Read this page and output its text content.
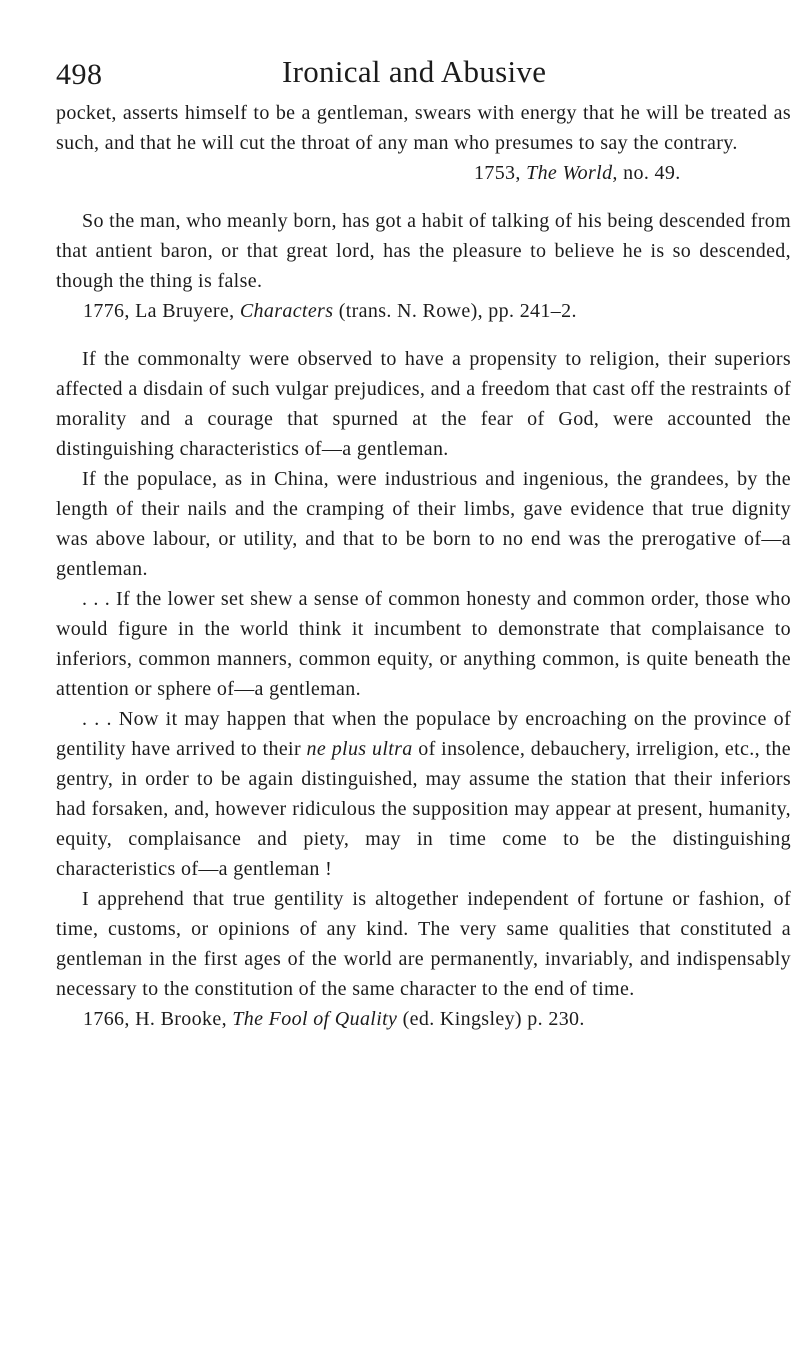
498	Ironical and Abusive

pocket, asserts himself to be a gentleman, swears with energy that he will be treated as such, and that he will cut the throat of any man who presumes to say the contrary.

1753, The World, no. 49.

So the man, who meanly born, has got a habit of talking of his being descended from that antient baron, or that great lord, has the pleasure to believe he is so descended, though the thing is false.

1776, La Bruyere, Characters (trans. N. Rowe), pp. 241–2.

If the commonalty were observed to have a propensity to religion, their superiors affected a disdain of such vulgar prejudices, and a freedom that cast off the restraints of morality and a courage that spurned at the fear of God, were accounted the distinguishing characteristics of—a gentleman.

If the populace, as in China, were industrious and ingenious, the grandees, by the length of their nails and the cramping of their limbs, gave evidence that true dignity was above labour, or utility, and that to be born to no end was the prerogative of—a gentleman.

. . . If the lower set shew a sense of common honesty and common order, those who would figure in the world think it incumbent to demonstrate that complaisance to inferiors, common manners, common equity, or anything common, is quite beneath the attention or sphere of—a gentleman.

. . . Now it may happen that when the populace by encroaching on the province of gentility have arrived to their ne plus ultra of insolence, debauchery, irreligion, etc., the gentry, in order to be again distinguished, may assume the station that their inferiors had forsaken, and, however ridiculous the supposition may appear at present, humanity, equity, complaisance and piety, may in time come to be the distinguishing characteristics of—a gentleman !

I apprehend that true gentility is altogether independent of fortune or fashion, of time, customs, or opinions of any kind. The very same qualities that constituted a gentleman in the first ages of the world are permanently, invariably, and indispensably necessary to the constitution of the same character to the end of time.

1766, H. Brooke, The Fool of Quality (ed. Kingsley) p. 230.
